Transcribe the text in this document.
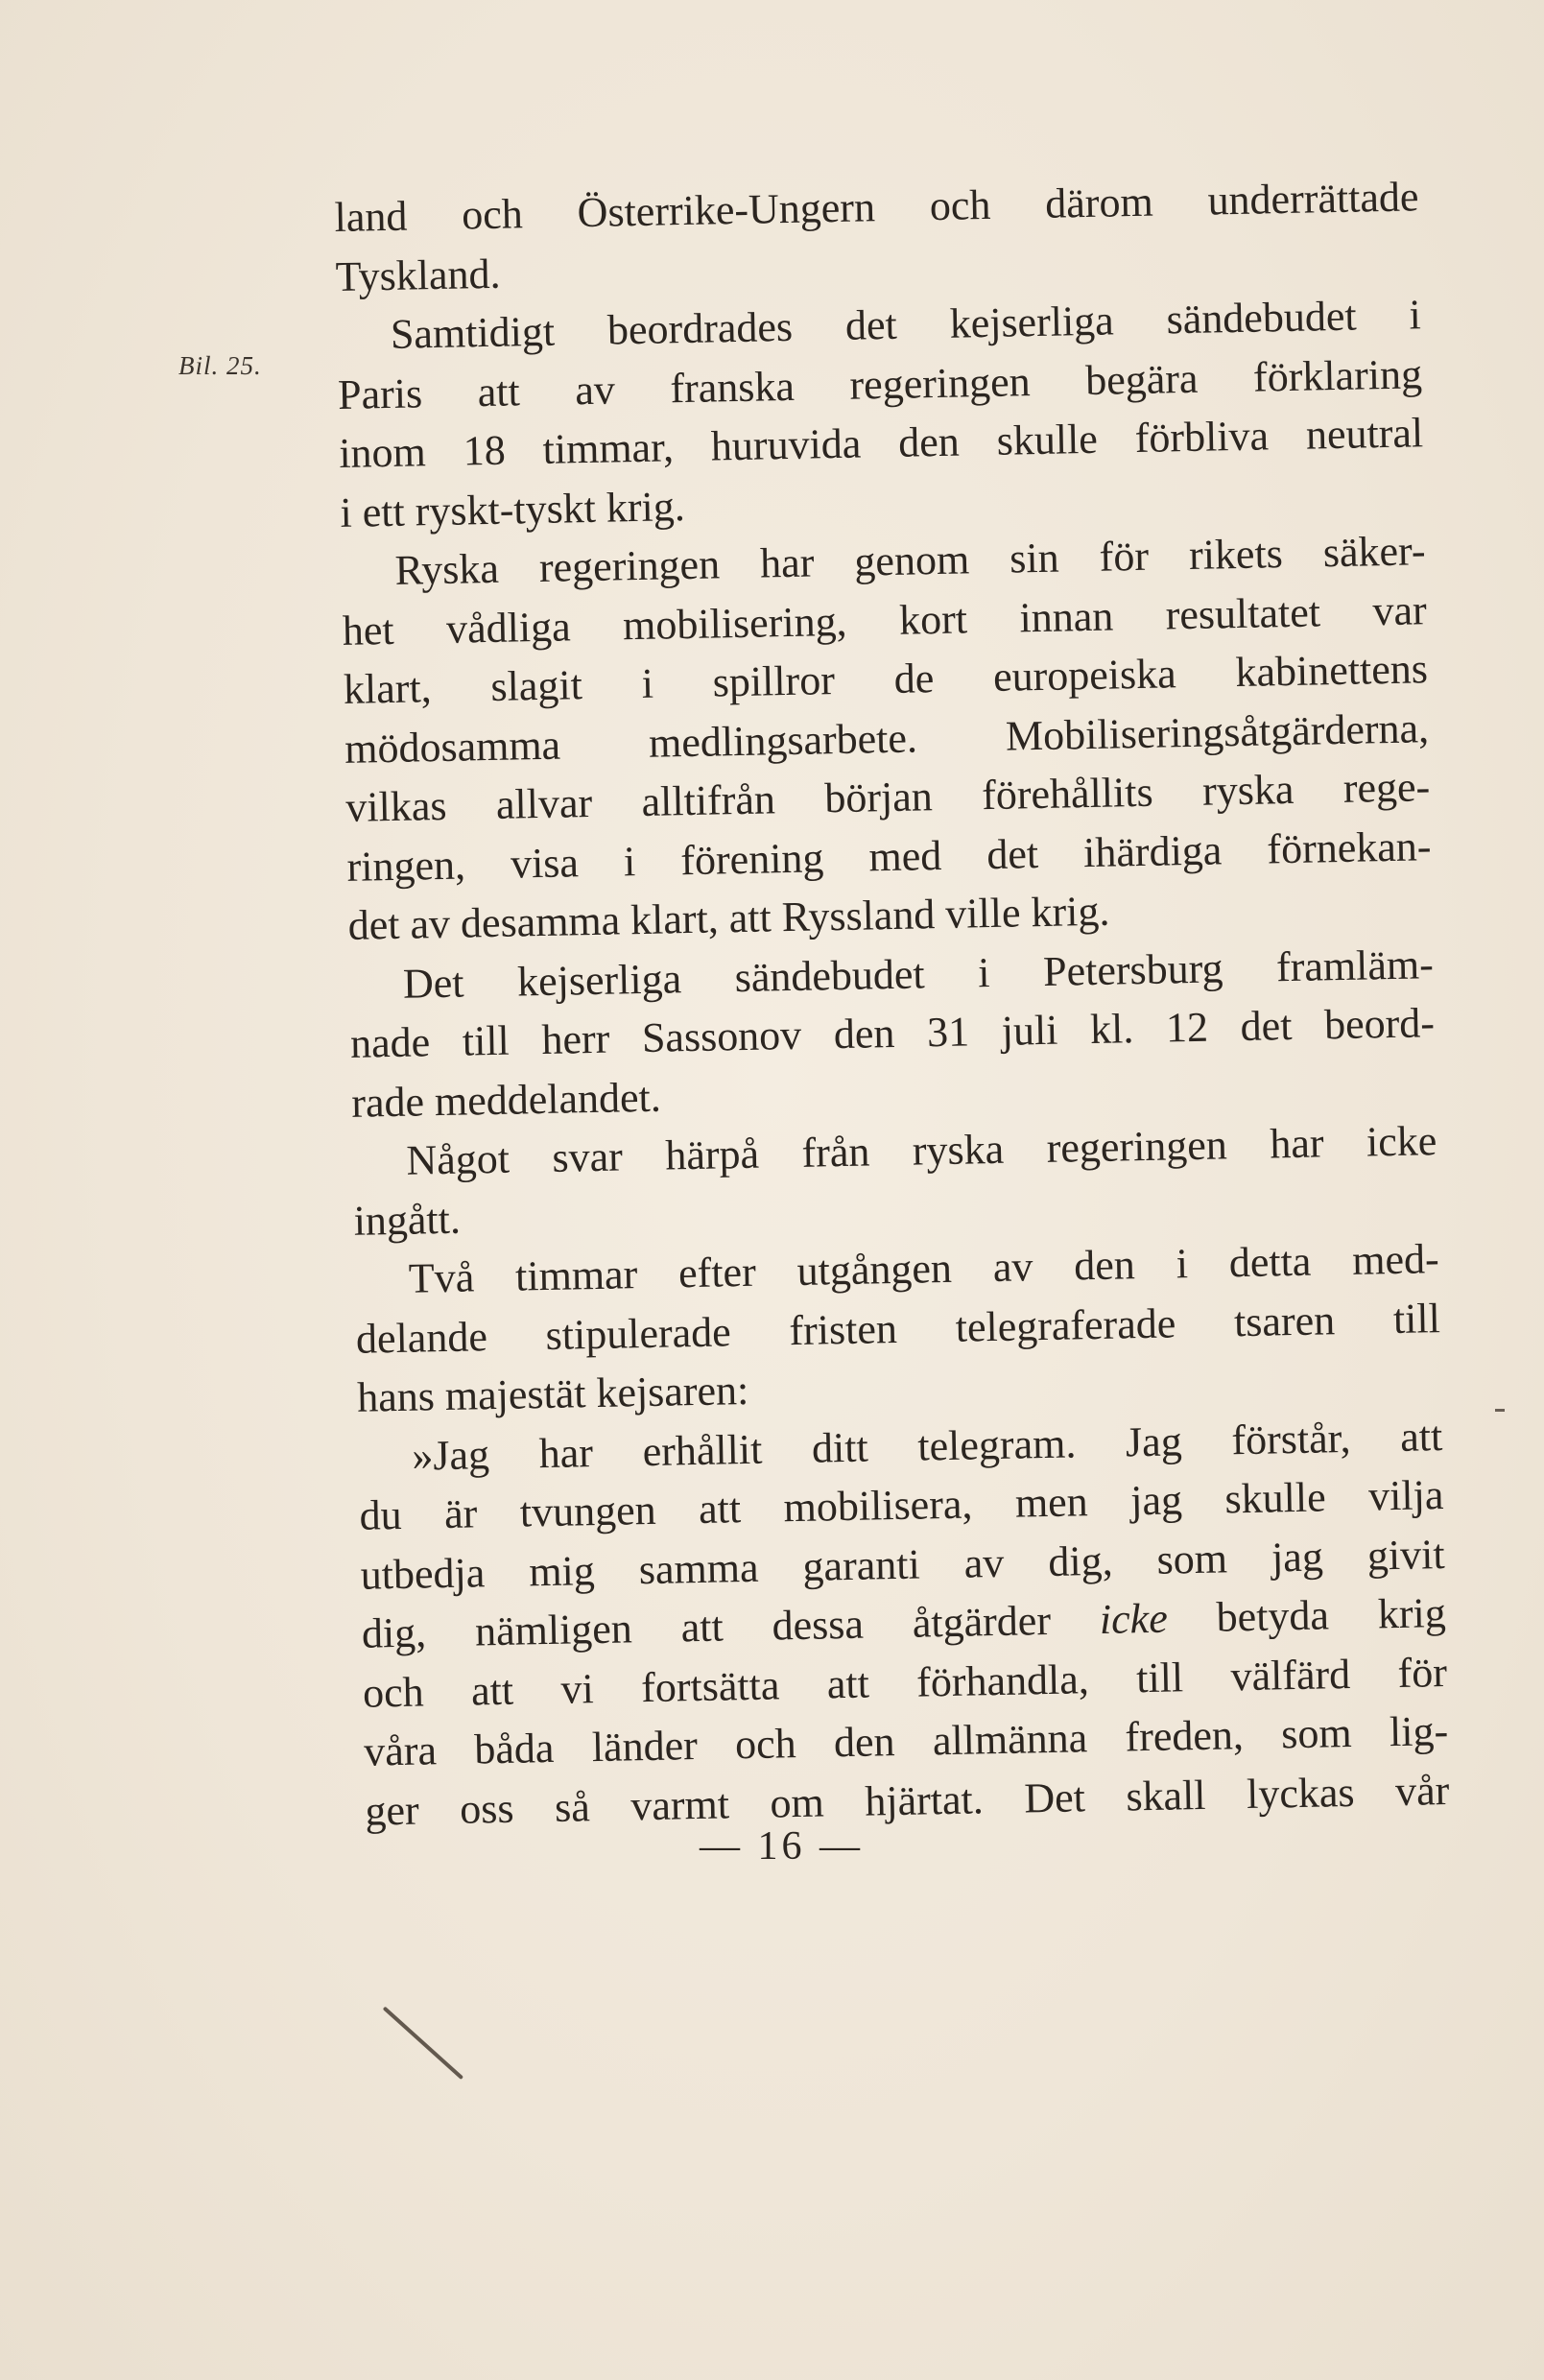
Bil. 25.
land och Österrike-Ungern och därom underrättade
Tyskland.
Samtidigt beordrades det kejserliga sändebudet i
Paris att av franska regeringen begära förklaring
inom 18 timmar, huruvida den skulle förbliva neutral
i ett ryskt-tyskt krig.
Ryska regeringen har genom sin för rikets säker-
het vådliga mobilisering, kort innan resultatet var
klart, slagit i spillror de europeiska kabinettens
mödosamma medlingsarbete. Mobiliseringsåtgärderna,
vilkas allvar alltifrån början förehållits ryska rege-
ringen, visa i förening med det ihärdiga förnekan-
det av desamma klart, att Ryssland ville krig.
Det kejserliga sändebudet i Petersburg framläm-
nade till herr Sassonov den 31 juli kl. 12 det beord-
rade meddelandet.
Något svar härpå från ryska regeringen har icke
ingått.
Två timmar efter utgången av den i detta med-
delande stipulerade fristen telegraferade tsaren till
hans majestät kejsaren:
»Jag har erhållit ditt telegram. Jag förstår, att
du är tvungen att mobilisera, men jag skulle vilja
utbedja mig samma garanti av dig, som jag givit
dig, nämligen att dessa åtgärder icke betyda krig
och att vi fortsätta att förhandla, till välfärd för
våra båda länder och den allmänna freden, som lig-
ger oss så varmt om hjärtat. Det skall lyckas vår
— 16 —
